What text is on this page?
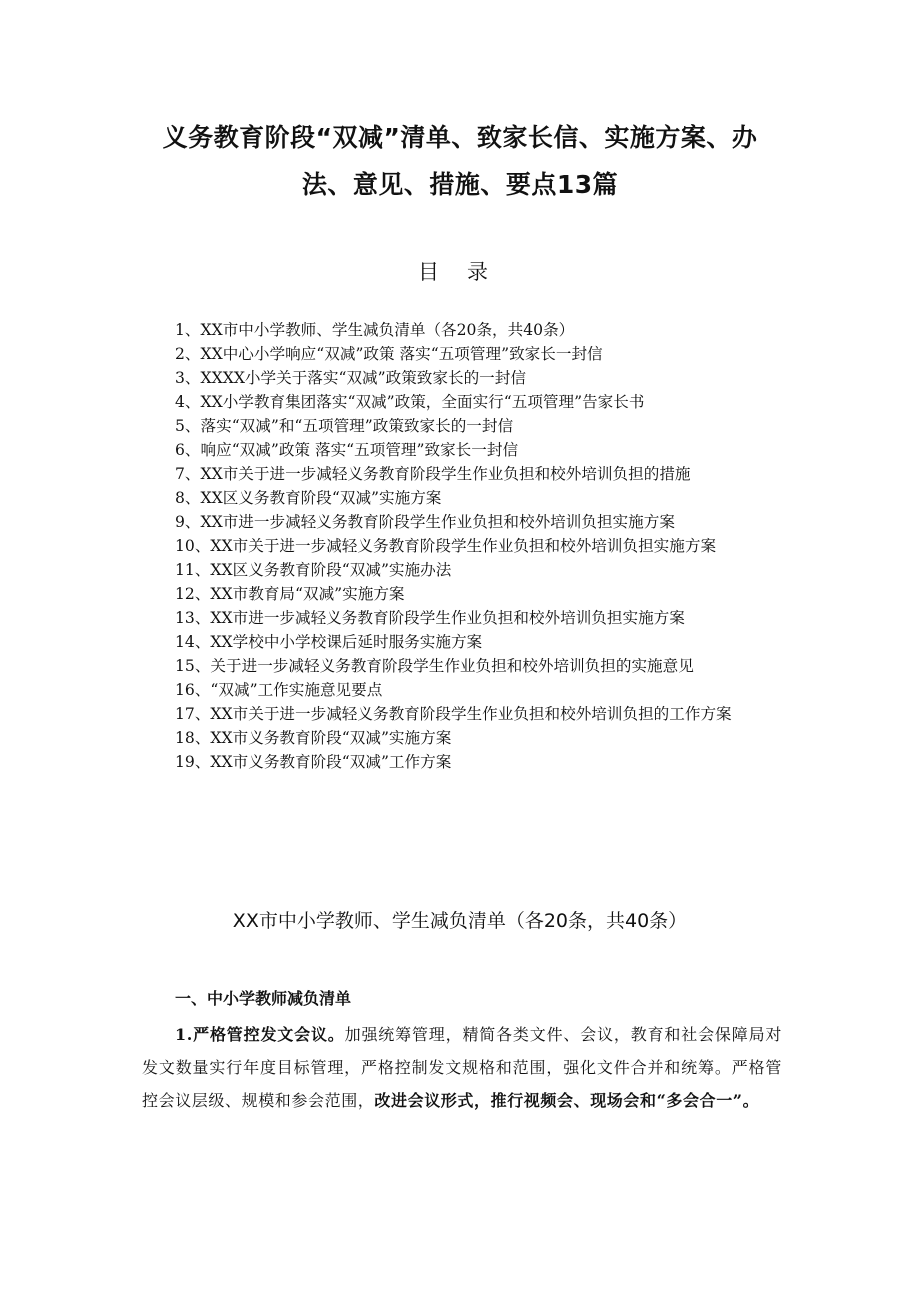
义务教育阶段“双减”清单、致家长信、实施方案、办
法、意见、措施、要点13篇
目录

1、XX市中小学教师、学生减负清单（各20条，共40条）

2、XX中心小学响应“双减”政策 落实“五项管理”致家长一封信

3、XXXX小学关于落实“双减”政策致家长的一封信

4、XX小学教育集团落实“双减”政策，全面实行“五项管理”告家长书

5、落实“双减”和“五项管理”政策致家长的一封信

6、响应“双减”政策 落实“五项管理”致家长一封信

7、XX市关于进一步减轻义务教育阶段学生作业负担和校外培训负担的措施

8、XX区义务教育阶段“双减”实施方案

9、XX市进一步减轻义务教育阶段学生作业负担和校外培训负担实施方案

10、XX市关于进一步减轻义务教育阶段学生作业负担和校外培训负担实施方案

11、XX区义务教育阶段“双减”实施办法

12、XX市教育局“双减”实施方案

13、XX市进一步减轻义务教育阶段学生作业负担和校外培训负担实施方案

14、XX学校中小学校课后延时服务实施方案

15、关于进一步减轻义务教育阶段学生作业负担和校外培训负担的实施意见

16、“双减”工作实施意见要点

17、XX市关于进一步减轻义务教育阶段学生作业负担和校外培训负担的工作方案

18、XX市义务教育阶段“双减”实施方案

19、XX市义务教育阶段“双减”工作方案

XX市中小学教师、学生减负清单（各20条，共40条）
一、中小学教师减负清单
1.严格管控发文会议。加强统筹管理，精简各类文件、会议，教育和社会保障局对发文数量实行年度目标管理，严格控制发文规格和范围，强化文件合并和统筹。严格管控会议层级、规模和参会范围，改进会议形式，推行视频会、现场会和“多会合一”。
